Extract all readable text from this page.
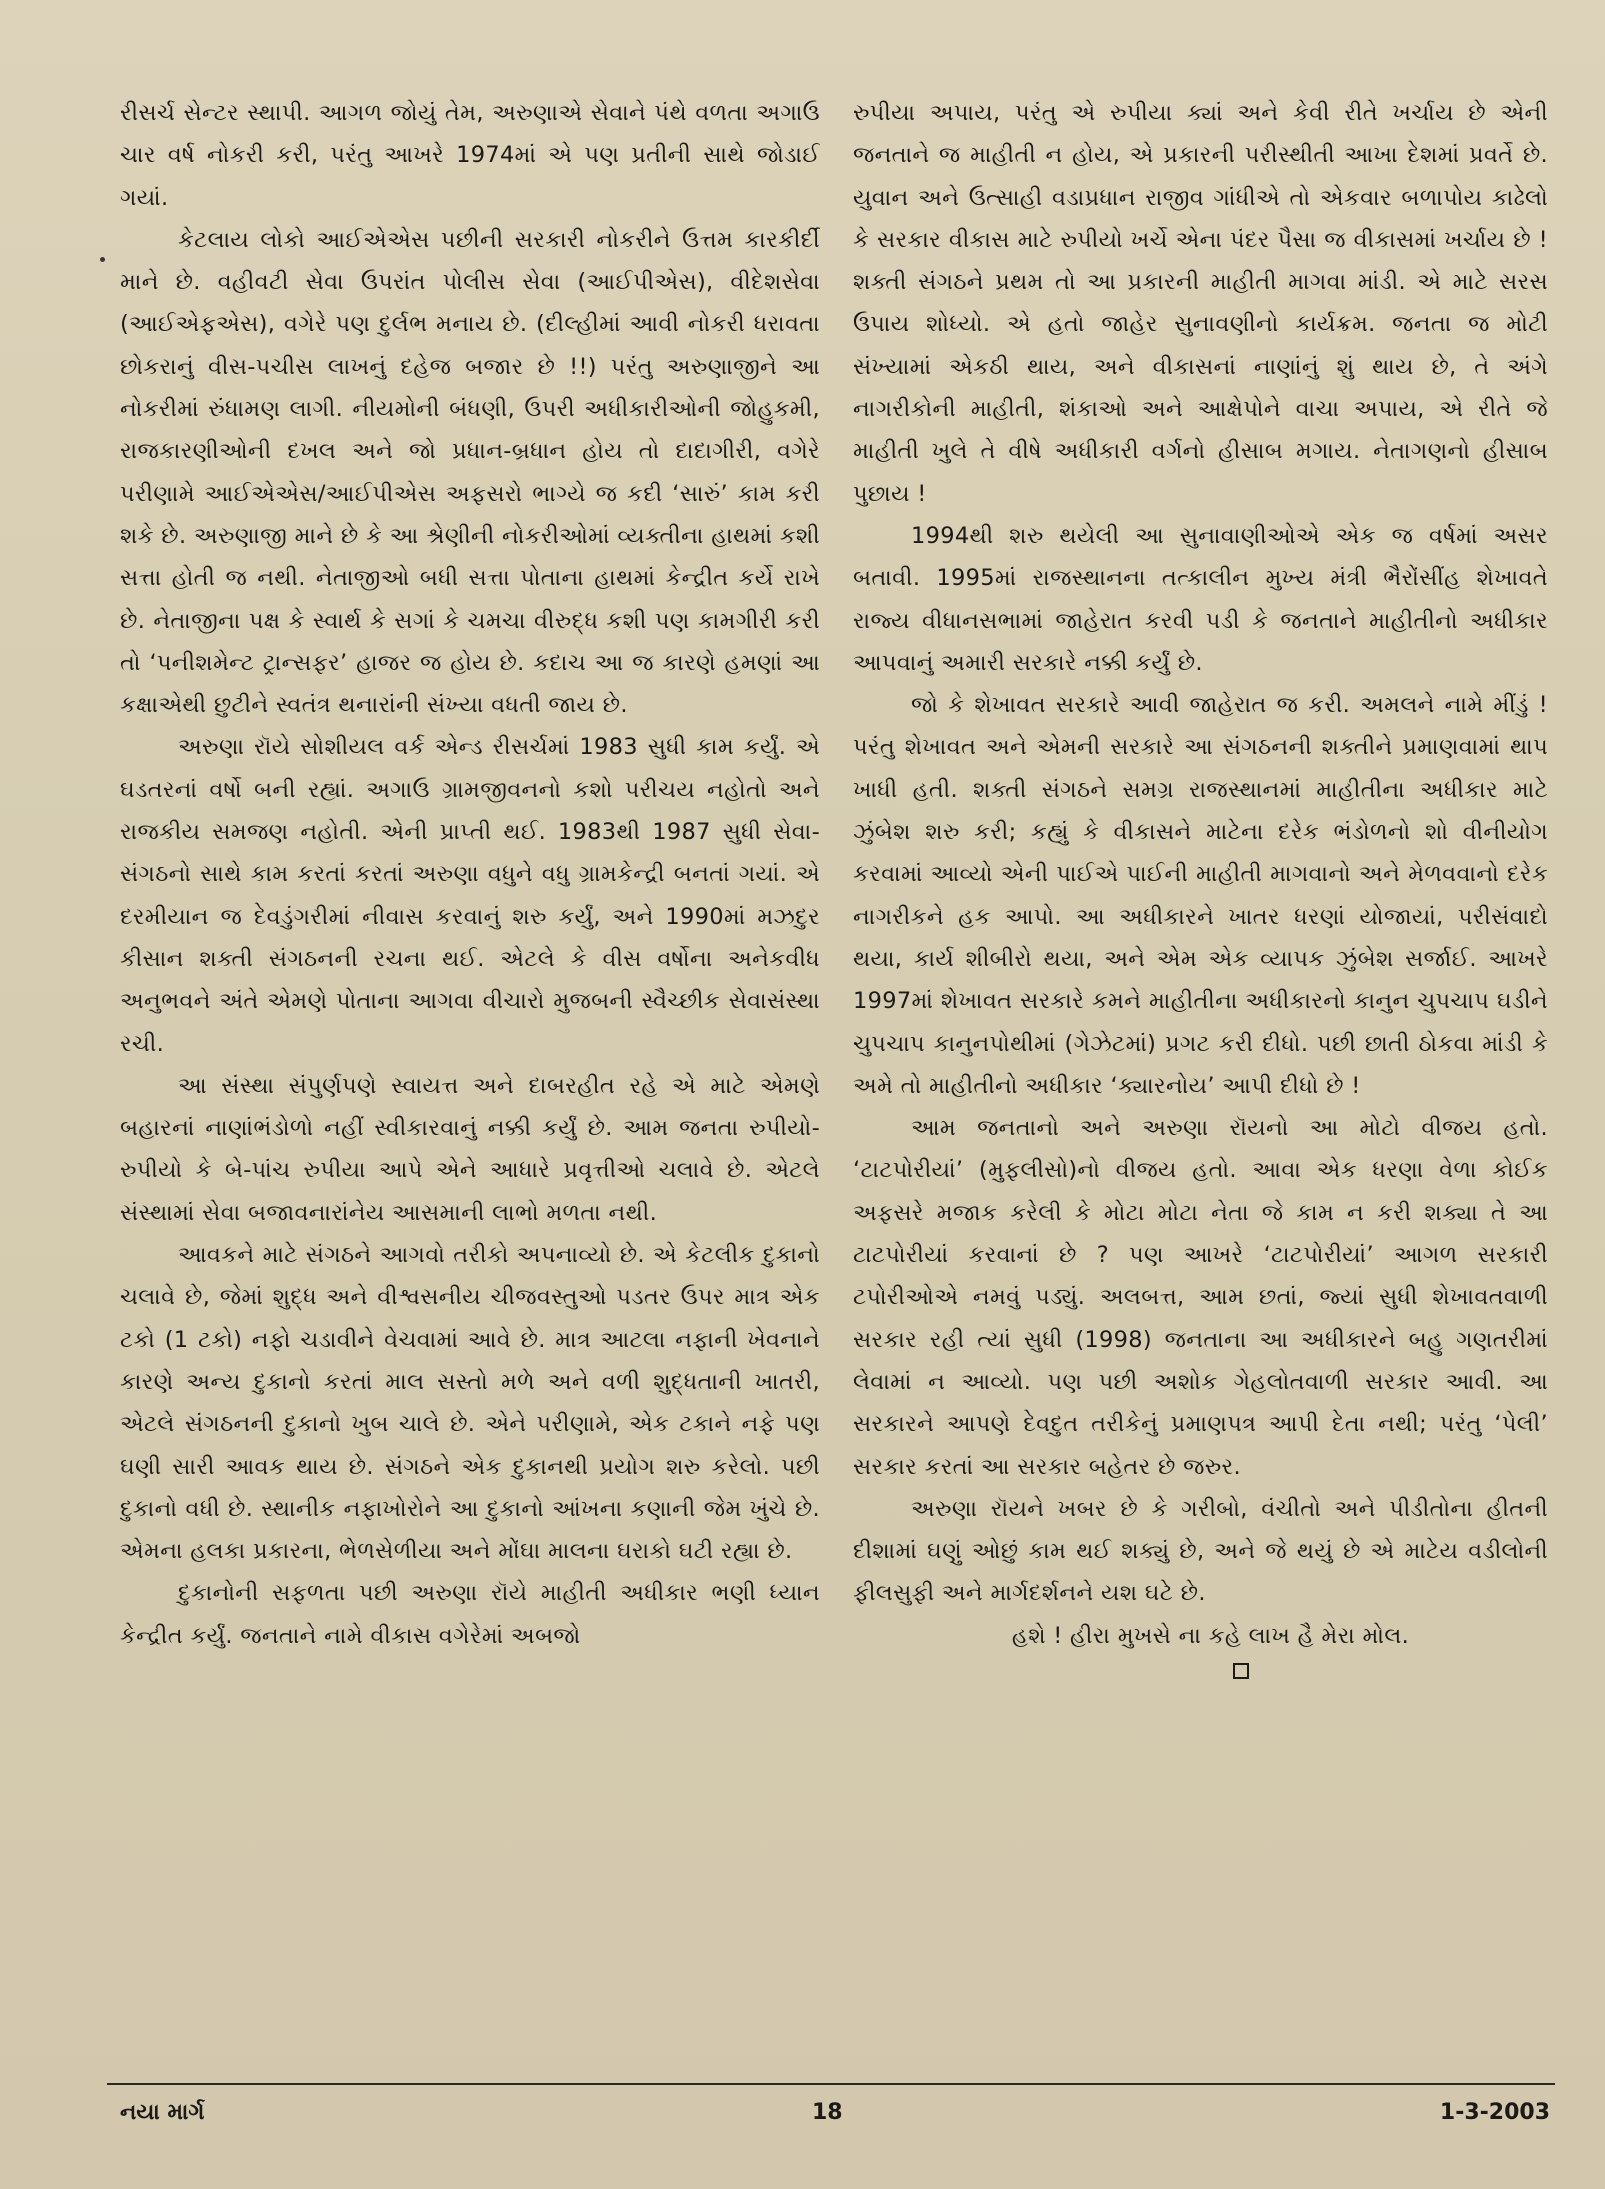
રીસર્ચ સેન્ટર સ્થાપી. આગળ જોયું તેમ, અરુણાએ સેવાને પંથે વળતા અગાઉ ચાર વર્ષ નોકરી કરી, પરંતુ આખરે 1974માં એ પણ પ્રતીની સાથે જોડાઈ ગયાં.

કેટલાય લોકો આઈએએસ પછીની સરકારી નોકરીને ઉત્તમ કારકીર્દી માને છે. વહીવટી સેવા ઉપરાંત પોલીસ સેવા (આઈપીએસ), વીદેશસેવા (આઈએફએસ), વગેરે પણ દુર્લભ મનાય છે. (દીલ્હીમાં આવી નોકરી ધરાવતા છોકરાનું વીસ-પચીસ લાખનું દહેજ બજાર છે !!) પરંતુ અરુણાજીને આ નોકરીમાં રુંધામણ લાગી. નીયમોની બંધણી, ઉપરી અધીકારીઓની જોહુકમી, રાજકારણીઓની દખલ અને જો પ્રધાન-બ્રધાન હોય તો દાદાગીરી, વગેરે પરીણામે આઈએએસ/આઈપીએસ અફસરો ભાગ્યે જ કદી ‘સારું’ કામ કરી શકે છે. અરુણાજી માને છે કે આ શ્રેણીની નોકરીઓમાં વ્યક્તીના હાથમાં કશી સત્તા હોતી જ નથી. નેતાજીઓ બધી સત્તા પોતાના હાથમાં કેન્દ્રીત કર્યે રાખે છે. નેતાજીના પક્ષ કે સ્વાર્થ કે સગાં કે ચમચા વીરુદ્ધ કશી પણ કામગીરી કરી તો ‘પનીશમેન્ટ ટ્રાન્સફર’ હાજર જ હોય છે. કદાચ આ જ કારણે હમણાં આ કક્ષાએથી છુટીને સ્વતંત્ર થનારાંની સંખ્યા વધતી જાય છે.

અરુણા રૉયે સોશીયલ વર્ક એન્ડ રીસર્ચમાં 1983 સુધી કામ કર્યું. એ ઘડતરનાં વર્ષો બની રહ્યાં. અગાઉ ગ્રામજીવનનો કશો પરીચય નહોતો અને રાજકીય સમજણ નહોતી. એની પ્રાપ્તી થઈ. 1983થી 1987 સુધી સેવા-સંગઠનો સાથે કામ કરતાં કરતાં અરુણા વધુને વધુ ગ્રામકેન્દ્રી બનતાં ગયાં. એ દરમીયાન જ દેવડુંગરીમાં નીવાસ કરવાનું શરુ કર્યું, અને 1990માં મઝદુર કીસાન શક્તી સંગઠનની રચના થઈ. એટલે કે વીસ વર્ષોના અનેકવીધ અનુભવને અંતે એમણે પોતાના આગવા વીચારો મુજબની સ્વૈચ્છીક સેવાસંસ્થા રચી.

આ સંસ્થા સંપુર્ણપણે સ્વાયત્ત અને દાબરહીત રહે એ માટે એમણે બહારનાં નાણાંભંડોળો નહીં સ્વીકારવાનું નક્કી કર્યું છે. આમ જનતા રુપીયો-રુપીયો કે બે-પાંચ રુપીયા આપે એને આધારે પ્રવૃત્તીઓ ચલાવે છે. એટલે સંસ્થામાં સેવા બજાવનારાંનેય આસમાની લાભો મળતા નથી.

આવકને માટે સંગઠને આગવો તરીકો અપનાવ્યો છે. એ કેટલીક દુકાનો ચલાવે છે, જેમાં શુદ્ધ અને વીશ્વસનીય ચીજવસ્તુઓ પડતર ઉપર માત્ર એક ટકો (1 ટકો) નફો ચડાવીને વેચવામાં આવે છે. માત્ર આટલા નફાની ખેવનાને કારણે અન્ય દુકાનો કરતાં માલ સસ્તો મળે અને વળી શુદ્ધતાની ખાતરી, એટલે સંગઠનની દુકાનો ખુબ ચાલે છે. એને પરીણામે, એક ટકાને નફે પણ ઘણી સારી આવક થાય છે. સંગઠને એક દુકાનથી પ્રયોગ શરુ કરેલો. પછી દુકાનો વધી છે. સ્થાનીક નફાખોરોને આ દુકાનો આંખના કણાની જેમ ખુંચે છે. એમના હલકા પ્રકારના, ભેળસેળીયા અને મોંઘા માલના ઘરાકો ઘટી રહ્યા છે.

દુકાનોની સફળતા પછી અરુણા રૉયે માહીતી અધીકાર ભણી ધ્યાન કેન્દ્રીત કર્યું. જનતાને નામે વીકાસ વગેરેમાં અબજો

રુપીયા અપાય, પરંતુ એ રુપીયા ક્યાં અને કેવી રીતે ખર્ચાય છે એની જનતાને જ માહીતી ન હોય, એ પ્રકારની પરીસ્થીતી આખા દેશમાં પ્રવર્તે છે. યુવાન અને ઉત્સાહી વડાપ્રધાન રાજીવ ગાંધીએ તો એકવાર બળાપોય કાઢેલો કે સરકાર વીકાસ માટે રુપીયો ખર્ચે એના પંદર પૈસા જ વીકાસમાં ખર્ચાય છે ! શક્તી સંગઠને પ્રથમ તો આ પ્રકારની માહીતી માગવા માંડી. એ માટે સરસ ઉપાય શોધ્યો. એ હતો જાહેર સુનાવણીનો કાર્યક્રમ. જનતા જ મોટી સંખ્યામાં એકઠી થાય, અને વીકાસનાં નાણાંનું શું થાય છે, તે અંગે નાગરીકોની માહીતી, શંકાઓ અને આક્ષેપોને વાચા અપાય, એ રીતે જે માહીતી ખુલે તે વીષે અધીકારી વર્ગનો હીસાબ મગાય. નેતાગણનો હીસાબ પુછાય !

1994થી શરુ થયેલી આ સુનાવાણીઓએ એક જ વર્ષમાં અસર બતાવી. 1995માં રાજસ્થાનના તત્કાલીન મુખ્ય મંત્રી ભૈરોંસીંહ શેખાવતે રાજ્ય વીધાનસભામાં જાહેરાત કરવી પડી કે જનતાને માહીતીનો અધીકાર આપવાનું અમારી સરકારે નક્કી કર્યું છે.

જો કે શેખાવત સરકારે આવી જાહેરાત જ કરી. અમલને નામે મીંડું ! પરંતુ શેખાવત અને એમની સરકારે આ સંગઠનની શક્તીને પ્રમાણવામાં થાપ ખાધી હતી. શક્તી સંગઠને સમગ્ર રાજસ્થાનમાં માહીતીના અધીકાર માટે ઝુંબેશ શરુ કરી; કહ્યું કે વીકાસને માટેના દરેક ભંડોળનો શો વીનીયોગ કરવામાં આવ્યો એની પાઈએ પાઈની માહીતી માગવાનો અને મેળવવાનો દરેક નાગરીકને હક આપો. આ અધીકારને ખાતર ધરણાં યોજાયાં, પરીસંવાદો થયા, કાર્ય શીબીરો થયા, અને એમ એક વ્યાપક ઝુંબેશ સર્જાઈ. આખરે 1997માં શેખાવત સરકારે કમને માહીતીના અધીકારનો કાનુન ચુપચાપ ઘડીને ચુપચાપ કાનુનપોથીમાં (ગેઝેટમાં) પ્રગટ કરી દીધો. પછી છાતી ઠોકવા માંડી કે અમે તો માહીતીનો અધીકાર ‘ક્યારનોય’ આપી દીધો છે !

આમ જનતાનો અને અરુણા રૉયનો આ મોટો વીજય હતો. ‘ટાટપોરીયાં’ (મુફલીસો)નો વીજય હતો. આવા એક ધરણા વેળા કોઈક અફસરે મજાક કરેલી કે મોટા મોટા નેતા જે કામ ન કરી શક્યા તે આ ટાટપોરીયાં કરવાનાં છે ? પણ આખરે ‘ટાટપોરીયાં’ આગળ સરકારી ટપોરીઓએ નમવું પડ્યું. અલબત્ત, આમ છતાં, જ્યાં સુધી શેખાવતવાળી સરકાર રહી ત્યાં સુધી (1998) જનતાના આ અધીકારને બહુ ગણતરીમાં લેવામાં ન આવ્યો. પણ પછી અશોક ગેહલોતવાળી સરકાર આવી. આ સરકારને આપણે દેવદુત તરીકેનું પ્રમાણપત્ર આપી દેતા નથી; પરંતુ ‘પેલી’ સરકાર કરતાં આ સરકાર બહેતર છે જરુર.

અરુણા રૉયને ખબર છે કે ગરીબો, વંચીતો અને પીડીતોના હીતની દીશામાં ઘણું ઓછું કામ થઈ શક્યું છે, અને જે થયું છે એ માટેય વડીલોની ફીલસુફી અને માર્ગદર્શનને યશ ઘટે છે.

હશે ! હીરા મુખસે ના કહે લાખ હૈ મેરા મોલ.

નયા માર્ગ	18	1-3-2003
